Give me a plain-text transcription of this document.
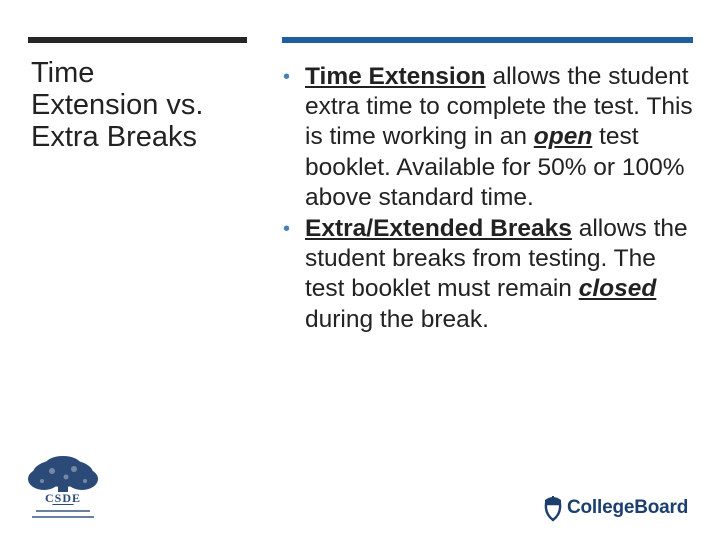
Time
Extension vs.
Extra Breaks
• Time Extension allows the student extra time to complete the test. This is time working in an open test booklet. Available for 50% or 100% above standard time.
• Extra/Extended Breaks allows the student breaks from testing. The test booklet must remain closed during the break.
CSDE	CollegeBoard
